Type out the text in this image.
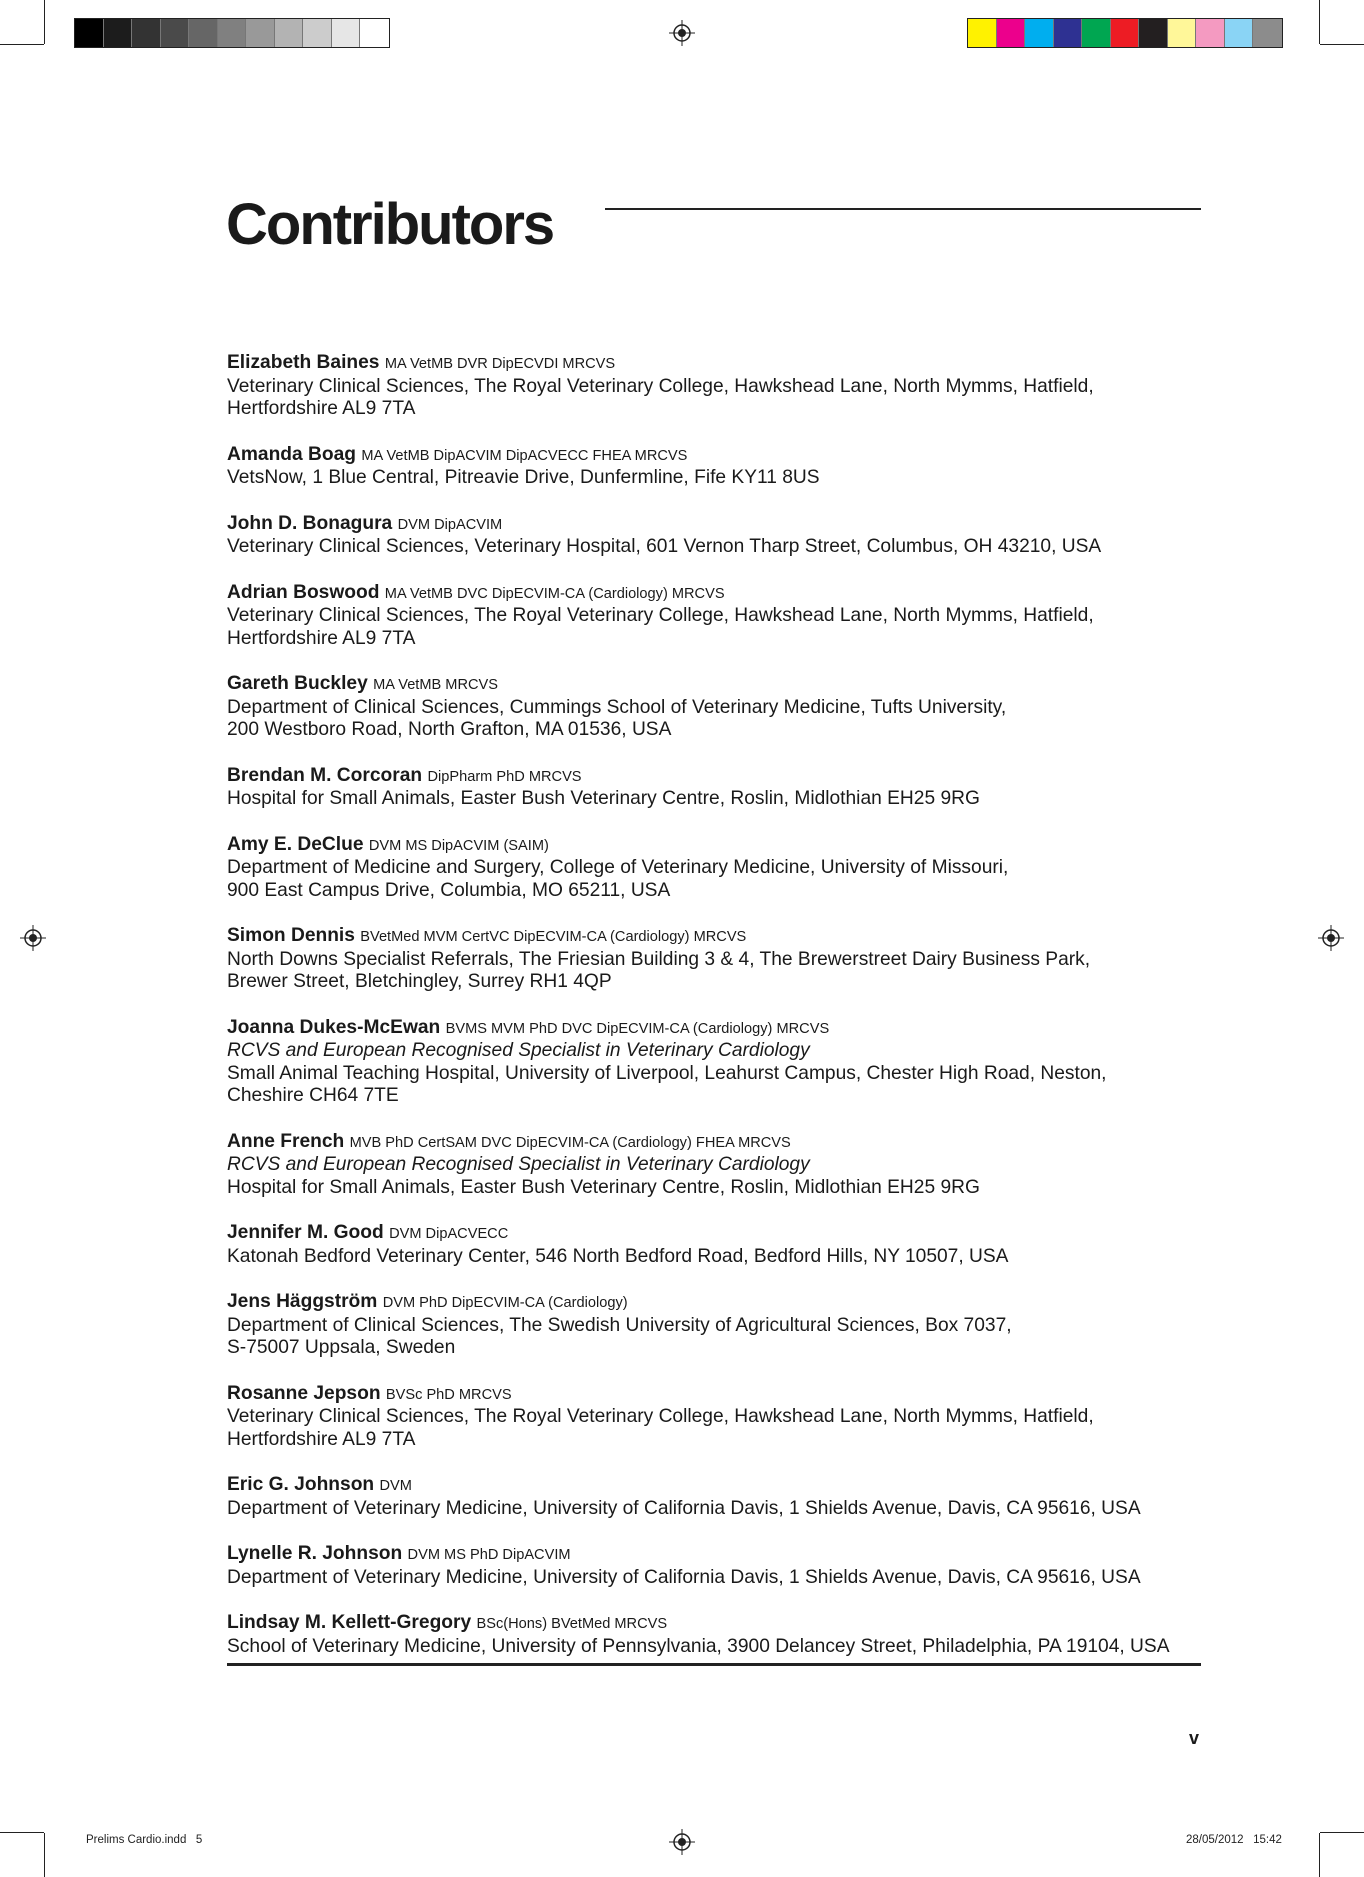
Contributors
Elizabeth Baines MA VetMB DVR DipECVDI MRCVS
Veterinary Clinical Sciences, The Royal Veterinary College, Hawkshead Lane, North Mymms, Hatfield,
Hertfordshire AL9 7TA
Amanda Boag MA VetMB DipACVIM DipACVECC FHEA MRCVS
VetsNow, 1 Blue Central, Pitreavie Drive, Dunfermline, Fife KY11 8US
John D. Bonagura DVM DipACVIM
Veterinary Clinical Sciences, Veterinary Hospital, 601 Vernon Tharp Street, Columbus, OH 43210, USA
Adrian Boswood MA VetMB DVC DipECVIM-CA (Cardiology) MRCVS
Veterinary Clinical Sciences, The Royal Veterinary College, Hawkshead Lane, North Mymms, Hatfield,
Hertfordshire AL9 7TA
Gareth Buckley MA VetMB MRCVS
Department of Clinical Sciences, Cummings School of Veterinary Medicine, Tufts University,
200 Westboro Road, North Grafton, MA 01536, USA
Brendan M. Corcoran DipPharm PhD MRCVS
Hospital for Small Animals, Easter Bush Veterinary Centre, Roslin, Midlothian EH25 9RG
Amy E. DeClue DVM MS DipACVIM (SAIM)
Department of Medicine and Surgery, College of Veterinary Medicine, University of Missouri,
900 East Campus Drive, Columbia, MO 65211, USA
Simon Dennis BVetMed MVM CertVC DipECVIM-CA (Cardiology) MRCVS
North Downs Specialist Referrals, The Friesian Building 3 & 4, The Brewerstreet Dairy Business Park,
Brewer Street, Bletchingley, Surrey RH1 4QP
Joanna Dukes-McEwan BVMS MVM PhD DVC DipECVIM-CA (Cardiology) MRCVS
RCVS and European Recognised Specialist in Veterinary Cardiology
Small Animal Teaching Hospital, University of Liverpool, Leahurst Campus, Chester High Road, Neston,
Cheshire CH64 7TE
Anne French MVB PhD CertSAM DVC DipECVIM-CA (Cardiology) FHEA MRCVS
RCVS and European Recognised Specialist in Veterinary Cardiology
Hospital for Small Animals, Easter Bush Veterinary Centre, Roslin, Midlothian EH25 9RG
Jennifer M. Good DVM DipACVECC
Katonah Bedford Veterinary Center, 546 North Bedford Road, Bedford Hills, NY 10507, USA
Jens Häggström DVM PhD DipECVIM-CA (Cardiology)
Department of Clinical Sciences, The Swedish University of Agricultural Sciences, Box 7037,
S-75007 Uppsala, Sweden
Rosanne Jepson BVSc PhD MRCVS
Veterinary Clinical Sciences, The Royal Veterinary College, Hawkshead Lane, North Mymms, Hatfield,
Hertfordshire AL9 7TA
Eric G. Johnson DVM
Department of Veterinary Medicine, University of California Davis, 1 Shields Avenue, Davis, CA 95616, USA
Lynelle R. Johnson DVM MS PhD DipACVIM
Department of Veterinary Medicine, University of California Davis, 1 Shields Avenue, Davis, CA 95616, USA
Lindsay M. Kellett-Gregory BSc(Hons) BVetMed MRCVS
School of Veterinary Medicine, University of Pennsylvania, 3900 Delancey Street, Philadelphia, PA 19104, USA
v
Prelims Cardio.indd   5	28/05/2012   15:42
